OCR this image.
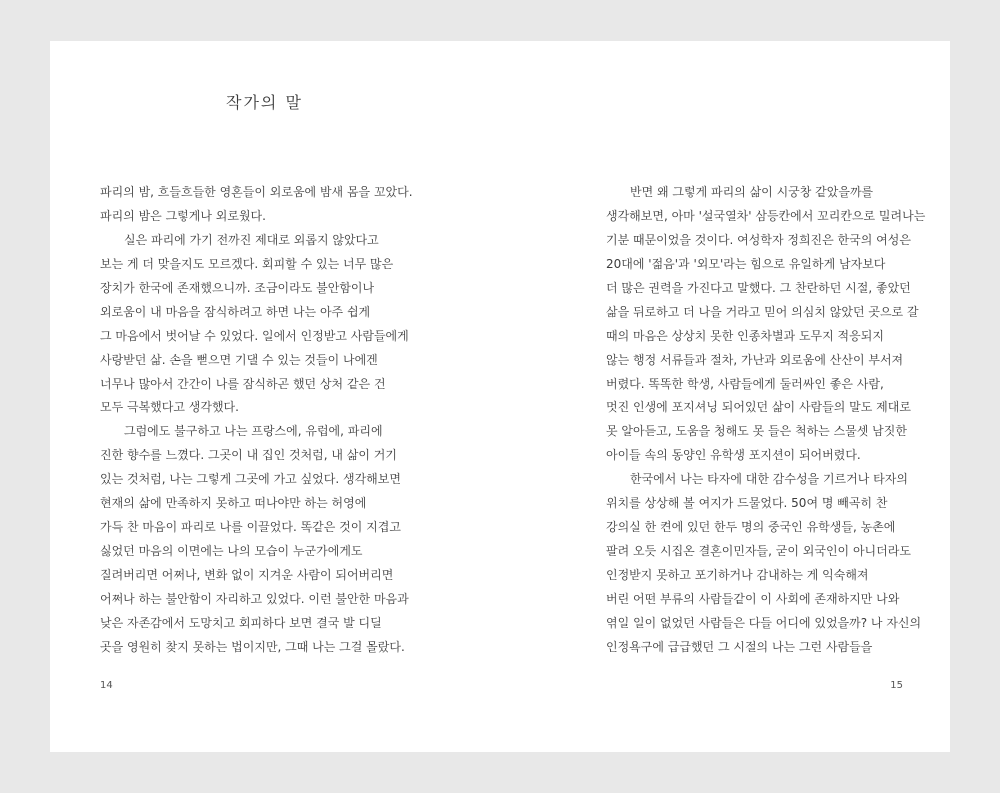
작가의 말
파리의 밤, 흐들흐들한 영혼들이 외로움에 밤새 몸을 꼬았다.
파리의 밤은 그렇게나 외로웠다.
실은 파리에 가기 전까진 제대로 외롭지 않았다고
보는 게 더 맞을지도 모르겠다. 회피할 수 있는 너무 많은
장치가 한국에 존재했으니까. 조금이라도 불안함이나
외로움이 내 마음을 잠식하려고 하면 나는 아주 쉽게
그 마음에서 벗어날 수 있었다. 일에서 인정받고 사람들에게
사랑받던 삶. 손을 뻗으면 기댈 수 있는 것들이 나에겐
너무나 많아서 간간이 나를 잠식하곤 했던 상처 같은 건
모두 극복했다고 생각했다.
그럼에도 불구하고 나는 프랑스에, 유럽에, 파리에
진한 향수를 느꼈다. 그곳이 내 집인 것처럼, 내 삶이 거기
있는 것처럼, 나는 그렇게 그곳에 가고 싶었다. 생각해보면
현재의 삶에 만족하지 못하고 떠나야만 하는 허영에
가득 찬 마음이 파리로 나를 이끌었다. 똑같은 것이 지겹고
싫었던 마음의 이면에는 나의 모습이 누군가에게도
질려버리면 어쩌나, 변화 없이 지겨운 사람이 되어버리면
어쩌나 하는 불안함이 자리하고 있었다. 이런 불안한 마음과
낮은 자존감에서 도망치고 회피하다 보면 결국 발 디딜
곳을 영원히 찾지 못하는 법이지만, 그때 나는 그걸 몰랐다.
14
반면 왜 그렇게 파리의 삶이 시궁창 같았을까를
생각해보면, 아마 '설국열차' 삼등칸에서 꼬리칸으로 밀려나는
기분 때문이었을 것이다. 여성학자 정희진은 한국의 여성은
20대에 '젊음'과 '외모'라는 힘으로 유일하게 남자보다
더 많은 권력을 가진다고 말했다. 그 찬란하던 시절, 좋았던
삶을 뒤로하고 더 나을 거라고 믿어 의심치 않았던 곳으로 갈
때의 마음은 상상치 못한 인종차별과 도무지 적응되지
않는 행정 서류들과 절차, 가난과 외로움에 산산이 부서져
버렸다. 똑똑한 학생, 사람들에게 둘러싸인 좋은 사람,
멋진 인생에 포지셔닝 되어있던 삶이 사람들의 말도 제대로
못 알아듣고, 도움을 청해도 못 들은 척하는 스물셋 남짓한
아이들 속의 동양인 유학생 포지션이 되어버렸다.
한국에서 나는 타자에 대한 감수성을 기르거나 타자의
위치를 상상해 볼 여지가 드물었다. 50여 명 빼곡히 찬
강의실 한 켠에 있던 한두 명의 중국인 유학생들, 농촌에
팔려 오듯 시집온 결혼이민자들, 굳이 외국인이 아니더라도
인정받지 못하고 포기하거나 감내하는 게 익숙해져
버린 어떤 부류의 사람들같이 이 사회에 존재하지만 나와
엮일 일이 없었던 사람들은 다들 어디에 있었을까? 나 자신의
인정욕구에 급급했던 그 시절의 나는 그런 사람들을
15
